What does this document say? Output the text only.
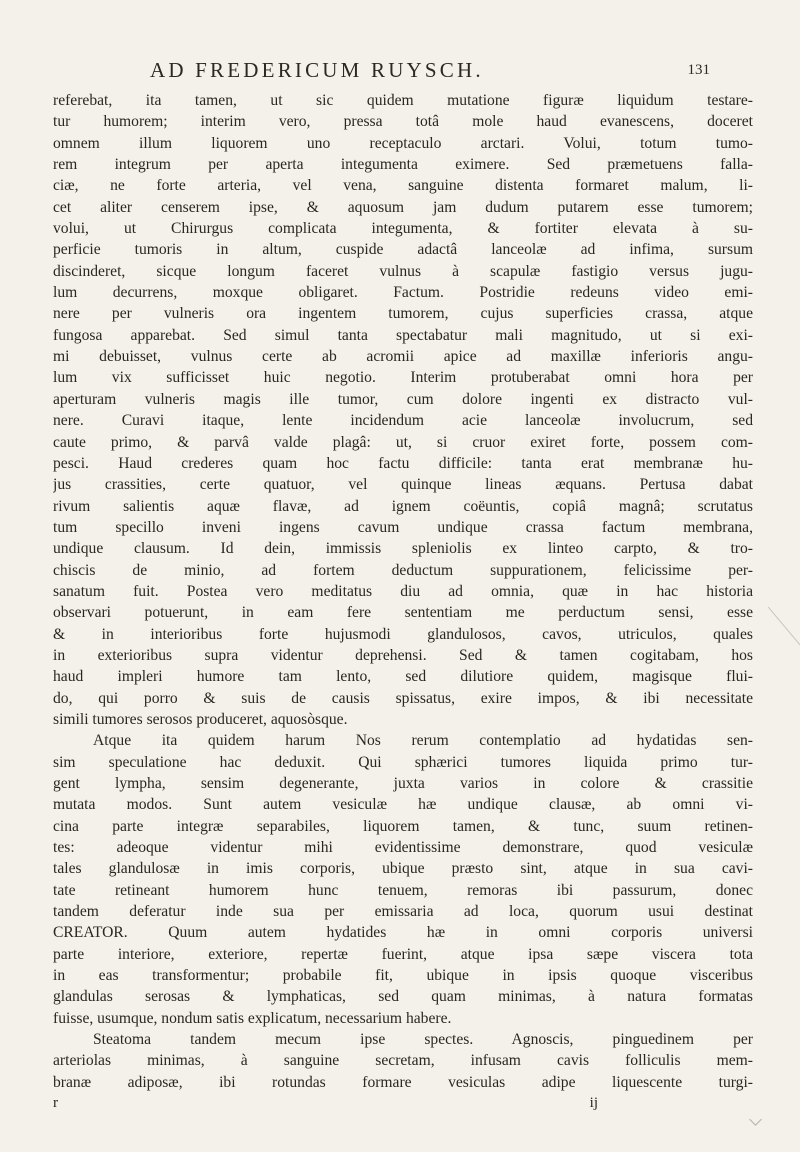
AD FREDERICUM RUYSCH.	131
referebat, ita tamen, ut sic quidem mutatione figuræ liquidum testare-
tur humorem; interim vero, pressa totâ mole haud evanescens, doceret
omnem illum liquorem uno receptaculo arctari. Volui, totum tumo-
rem integrum per aperta integumenta eximere. Sed præmetuens falla-
ciæ, ne forte arteria, vel vena, sanguine distenta formaret malum, li-
cet aliter censerem ipse, & aquosum jam dudum putarem esse tumorem;
volui, ut Chirurgus complicata integumenta, & fortiter elevata à su-
perficie tumoris in altum, cuspide adactâ lanceolæ ad infima, sursum
discinderet, sicque longum faceret vulnus à scapulæ fastigio versus jugu-
lum decurrens, moxque obligaret. Factum. Postridie redeuns video emi-
nere per vulneris ora ingentem tumorem, cujus superficies crassa, atque
fungosa apparebat. Sed simul tanta spectabatur mali magnitudo, ut si exi-
mi debuisset, vulnus certe ab acromii apice ad maxillæ inferioris angu-
lum vix sufficisset huic negotio. Interim protuberabat omni hora per
aperturam vulneris magis ille tumor, cum dolore ingenti ex distracto vul-
nere. Curavi itaque, lente incidendum acie lanceolæ involucrum, sed
caute primo, & parvâ valde plagâ: ut, si cruor exiret forte, possem com-
pesci. Haud crederes quam hoc factu difficile: tanta erat membranæ hu-
jus crassities, certe quatuor, vel quinque lineas æquans. Pertusa dabat
rivum salientis aquæ flavæ, ad ignem coëuntis, copiâ magnâ; scrutatus
tum specillo inveni ingens cavum undique crassa factum membrana,
undique clausum. Id dein, immissis spleniolis ex linteo carpto, & tro-
chiscis de minio, ad fortem deductum suppurationem, felicissime per-
sanatum fuit. Postea vero meditatus diu ad omnia, quæ in hac historia
observari potuerunt, in eam fere sententiam me perductum sensi, esse
& in interioribus forte hujusmodi glandulosos, cavos, utriculos, quales
in exterioribus supra videntur deprehensi. Sed & tamen cogitabam, hos
haud impleri humore tam lento, sed dilutiore quidem, magisque flui-
do, qui porro & suis de causis spissatus, exire impos, & ibi necessitate
simili tumores serosos produceret, aquosòsque.
Atque ita quidem harum Nos rerum contemplatio ad hydatidas sen-
sim speculatione hac deduxit. Qui sphærici tumores liquida primo tur-
gent lympha, sensim degenerante, juxta varios in colore & crassitie
mutata modos. Sunt autem vesiculæ hæ undique clausæ, ab omni vi-
cina parte integræ separabiles, liquorem tamen, & tunc, suum retinen-
tes: adeoque videntur mihi evidentissime demonstrare, quod vesiculæ
tales glandulosæ in imis corporis, ubique præsto sint, atque in sua cavi-
tate retineant humorem hunc tenuem, remoras ibi passurum, donec
tandem deferatur inde sua per emissaria ad loca, quorum usui destinat
CREATOR. Quum autem hydatides hæ in omni corporis universi
parte interiore, exteriore, repertæ fuerint, atque ipsa sæpe viscera tota
in eas transformentur; probabile fit, ubique in ipsis quoque visceribus
glandulas serosas & lymphaticas, sed quam minimas, à natura formatas
fuisse, usumque, nondum satis explicatum, necessarium habere.
Steatoma tandem mecum ipse spectes. Agnoscis, pinguedinem per
arteriolas minimas, à sanguine secretam, infusam cavis folliculis mem-
branæ adiposæ, ibi rotundas formare vesiculas adipe liquescente turgi-
r ij
